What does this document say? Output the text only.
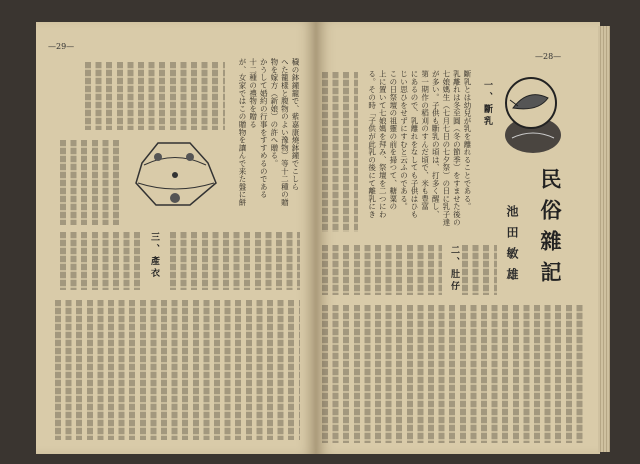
—29—
穢の鉢鐘籠で、紫嘉康燒鉢鐘でこしら
へた籠樣と腹物のよい豫物）等十二種の贈
物を嫁方（新娘）の許へ贈る。
かうして婚約の行事をすすめるのである
十二種の禮物を贈る
が、女家ではこの贈物を讓んで来た盤に餅
三、產衣
—28—
民俗雜記
池田敏雄
一、斷乳
斷乳とは幼兒が乳を離れることである。
乳離れは冬至圓（冬の節季）をすませた後の
七娘媽生（七月七日の七夕祭）の日に乳子達
が多い。子供も斷乳の頃は、打多く醒し、
第一期作の稻刈のすんだ頃で、米も豊富
にあるので、乳離れをなしても子供はひも
じい思ひをせずにすむと云ふのである。
この日祭壇の祖靈の前を掃つて、糖粟の
上に置いて七娘媽を拜み、祭壇を二つにわ
る。その時「子供が此乳の後にて離乳にき
二、肚仔
